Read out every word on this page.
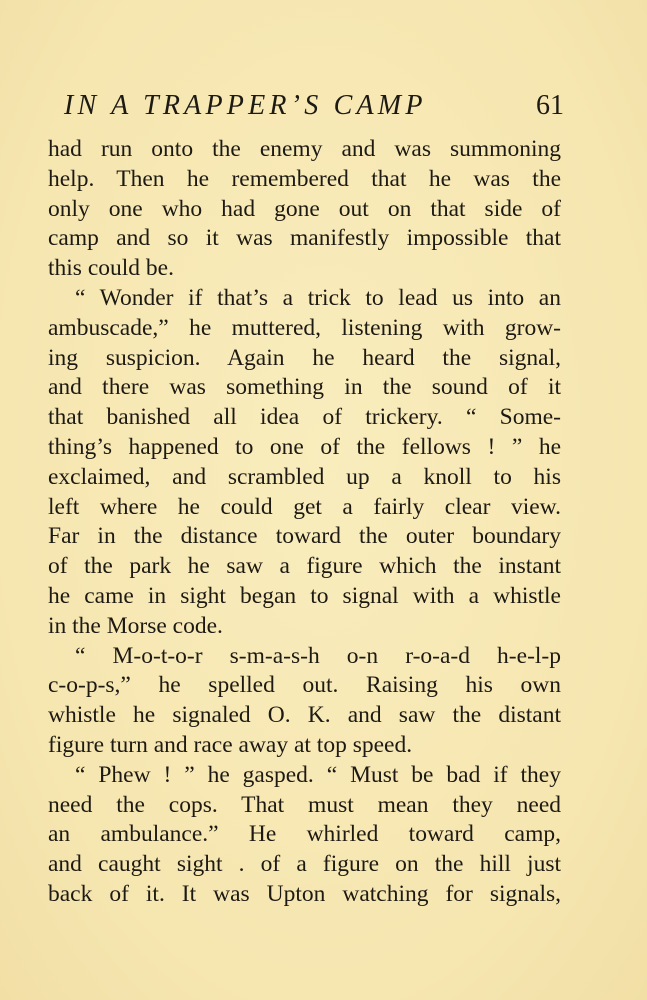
IN A TRAPPER’S CAMP	61
had run onto the enemy and was summoning
help. Then he remembered that he was the
only one who had gone out on that side of
camp and so it was manifestly impossible that
this could be.
“ Wonder if that’s a trick to lead us into an
ambuscade,” he muttered, listening with grow-
ing suspicion. Again he heard the signal,
and there was something in the sound of it
that banished all idea of trickery. “ Some-
thing’s happened to one of the fellows ! ” he
exclaimed, and scrambled up a knoll to his
left where he could get a fairly clear view.
Far in the distance toward the outer boundary
of the park he saw a figure which the instant
he came in sight began to signal with a whistle
in the Morse code.
“ M-o-t-o-r s-m-a-s-h o-n r-o-a-d h-e-l-p
c-o-p-s,” he spelled out. Raising his own
whistle he signaled O. K. and saw the distant
figure turn and race away at top speed.
“ Phew ! ” he gasped. “ Must be bad if they
need the cops. That must mean they need
an ambulance.” He whirled toward camp,
and caught sight . of a figure on the hill just
back of it. It was Upton watching for signals,
